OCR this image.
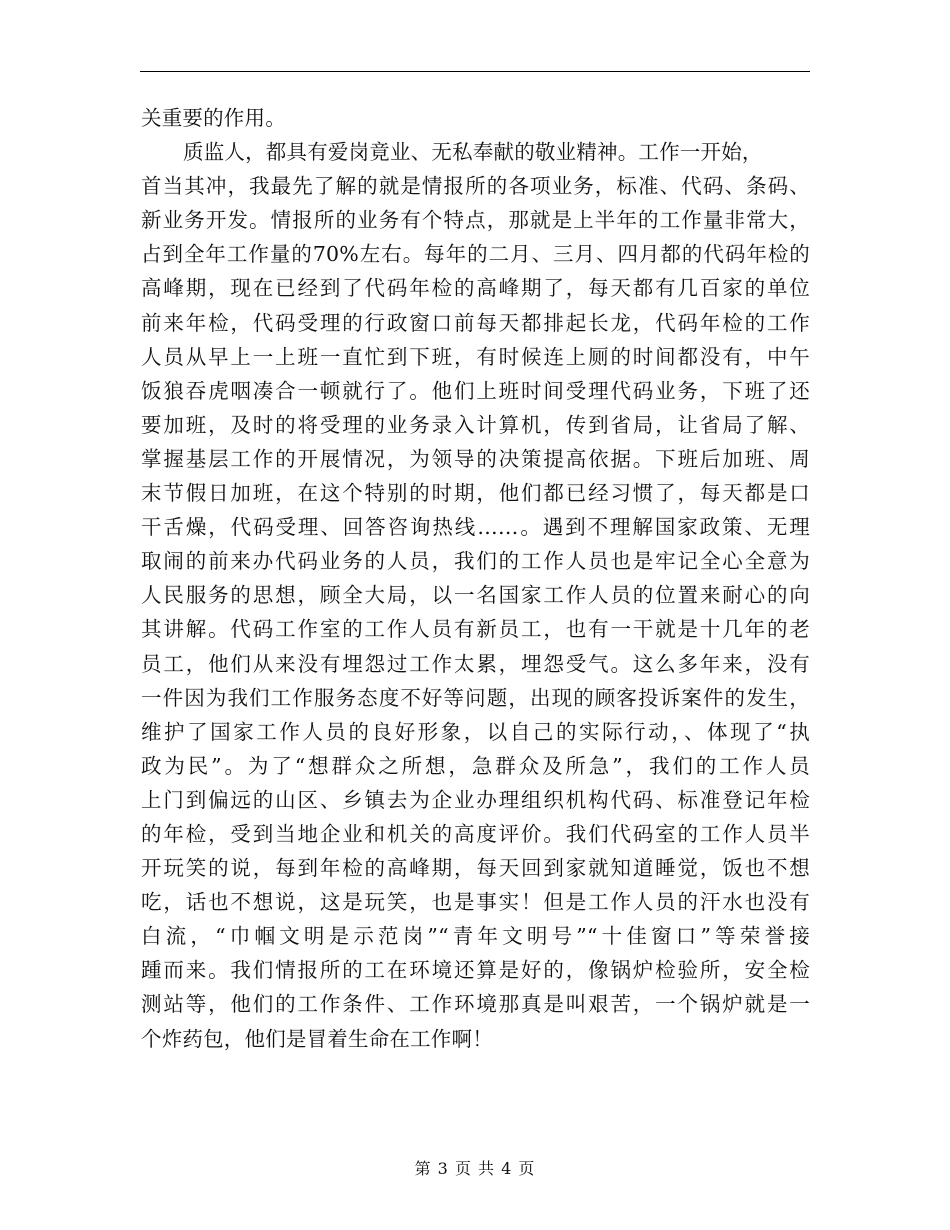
关重要的作用。
质监人，都具有爱岗竟业、无私奉献的敬业精神。工作一开始，
首当其冲，我最先了解的就是情报所的各项业务，标准、代码、条码、
新业务开发。情报所的业务有个特点，那就是上半年的工作量非常大，
占到全年工作量的70%左右。每年的二月、三月、四月都的代码年检的
高峰期，现在已经到了代码年检的高峰期了，每天都有几百家的单位
前来年检，代码受理的行政窗口前每天都排起长龙，代码年检的工作
人员从早上一上班一直忙到下班，有时候连上厕的时间都没有，中午
饭狼吞虎咽凑合一顿就行了。他们上班时间受理代码业务，下班了还
要加班，及时的将受理的业务录入计算机，传到省局，让省局了解、
掌握基层工作的开展情况，为领导的决策提高依据。下班后加班、周
末节假日加班，在这个特别的时期，他们都已经习惯了，每天都是口
干舌燥，代码受理、回答咨询热线……。遇到不理解国家政策、无理
取闹的前来办代码业务的人员，我们的工作人员也是牢记全心全意为
人民服务的思想，顾全大局，以一名国家工作人员的位置来耐心的向
其讲解。代码工作室的工作人员有新员工，也有一干就是十几年的老
员工，他们从来没有埋怨过工作太累，埋怨受气。这么多年来，没有
一件因为我们工作服务态度不好等问题，出现的顾客投诉案件的发生，
维护了国家工作人员的良好形象，以自己的实际行动，、体现了“执
政为民”。为了“想群众之所想，急群众及所急”，我们的工作人员
上门到偏远的山区、乡镇去为企业办理组织机构代码、标准登记年检
的年检，受到当地企业和机关的高度评价。我们代码室的工作人员半
开玩笑的说，每到年检的高峰期，每天回到家就知道睡觉，饭也不想
吃，话也不想说，这是玩笑，也是事实！但是工作人员的汗水也没有
白流，“巾帼文明是示范岗”“青年文明号”“十佳窗口”等荣誉接
踵而来。我们情报所的工在环境还算是好的，像锅炉检验所，安全检
测站等，他们的工作条件、工作环境那真是叫艰苦，一个锅炉就是一
个炸药包，他们是冒着生命在工作啊！
第 3 页 共 4 页
